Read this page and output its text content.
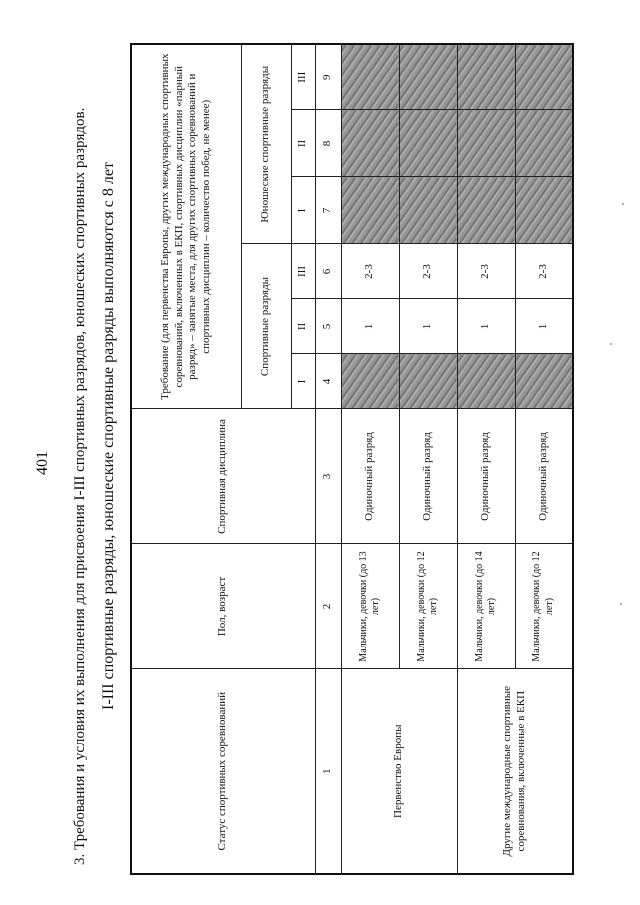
401 3. Требования и условия их выполнения для присвоения I-III спортивных разрядов, юношеских спортивных разрядов. I-III спортивные разряды, юношеские спортивные разряды выполняются с 8 лет
Статус спортивных соревнований	Пол, возраст	Спортивная дисциплина	Требование (для первенства Европы, других международных спортивных соревнований, включенных в ЕКП, спортивных дисциплин «парный разряд» – занятые места, для других спортивных соревнований и спортивных дисциплин – количество побед, не менее)					
			Спортивные разряды			Юношеские спортивные разряды		
			I	II	III	I	II	III
1	2	3	4	5	6	7	8	9
Первенство Европы	Мальчики, девочки (до 13 лет)	Одиночный разряд		1	2-3			
	Мальчики, девочки (до 12 лет)	Одиночный разряд		1	2-3			
Другие международные спортивные соревнования, включенные в ЕКП	Мальчики, девочки (до 14 лет)	Одиночный разряд		1	2-3			
	Мальчики, девочки (до 12 лет)	Одиночный разряд		1	2-3			
